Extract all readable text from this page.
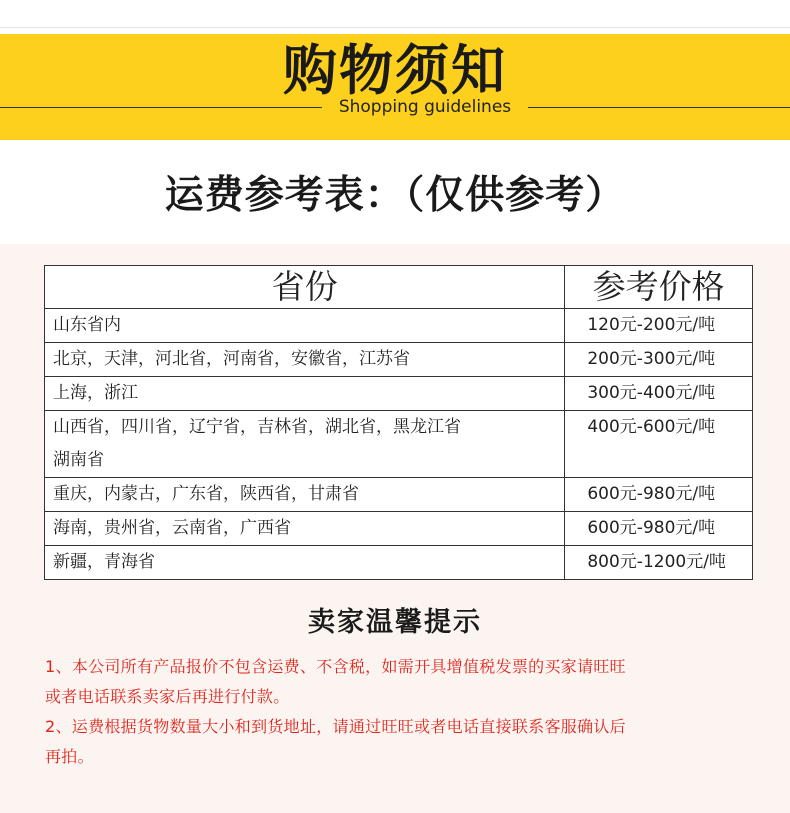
购物须知
Shopping guidelines
运费参考表：（仅供参考）
省份	参考价格
山东省内	120元-200元/吨
北京，天津，河北省，河南省，安徽省，江苏省	200元-300元/吨
上海，浙江	300元-400元/吨

山西省，四川省，辽宁省，吉林省，湖北省，黑龙江省
湖南省	400元-600元/吨
重庆，内蒙古，广东省，陕西省，甘肃省	600元-980元/吨
海南，贵州省，云南省，广西省	600元-980元/吨
新疆，青海省	800元-1200元/吨
卖家温馨提示
1、本公司所有产品报价不包含运费、不含税，如需开具增值税发票的买家请旺旺
或者电话联系卖家后再进行付款。
2、运费根据货物数量大小和到货地址，请通过旺旺或者电话直接联系客服确认后
再拍。
